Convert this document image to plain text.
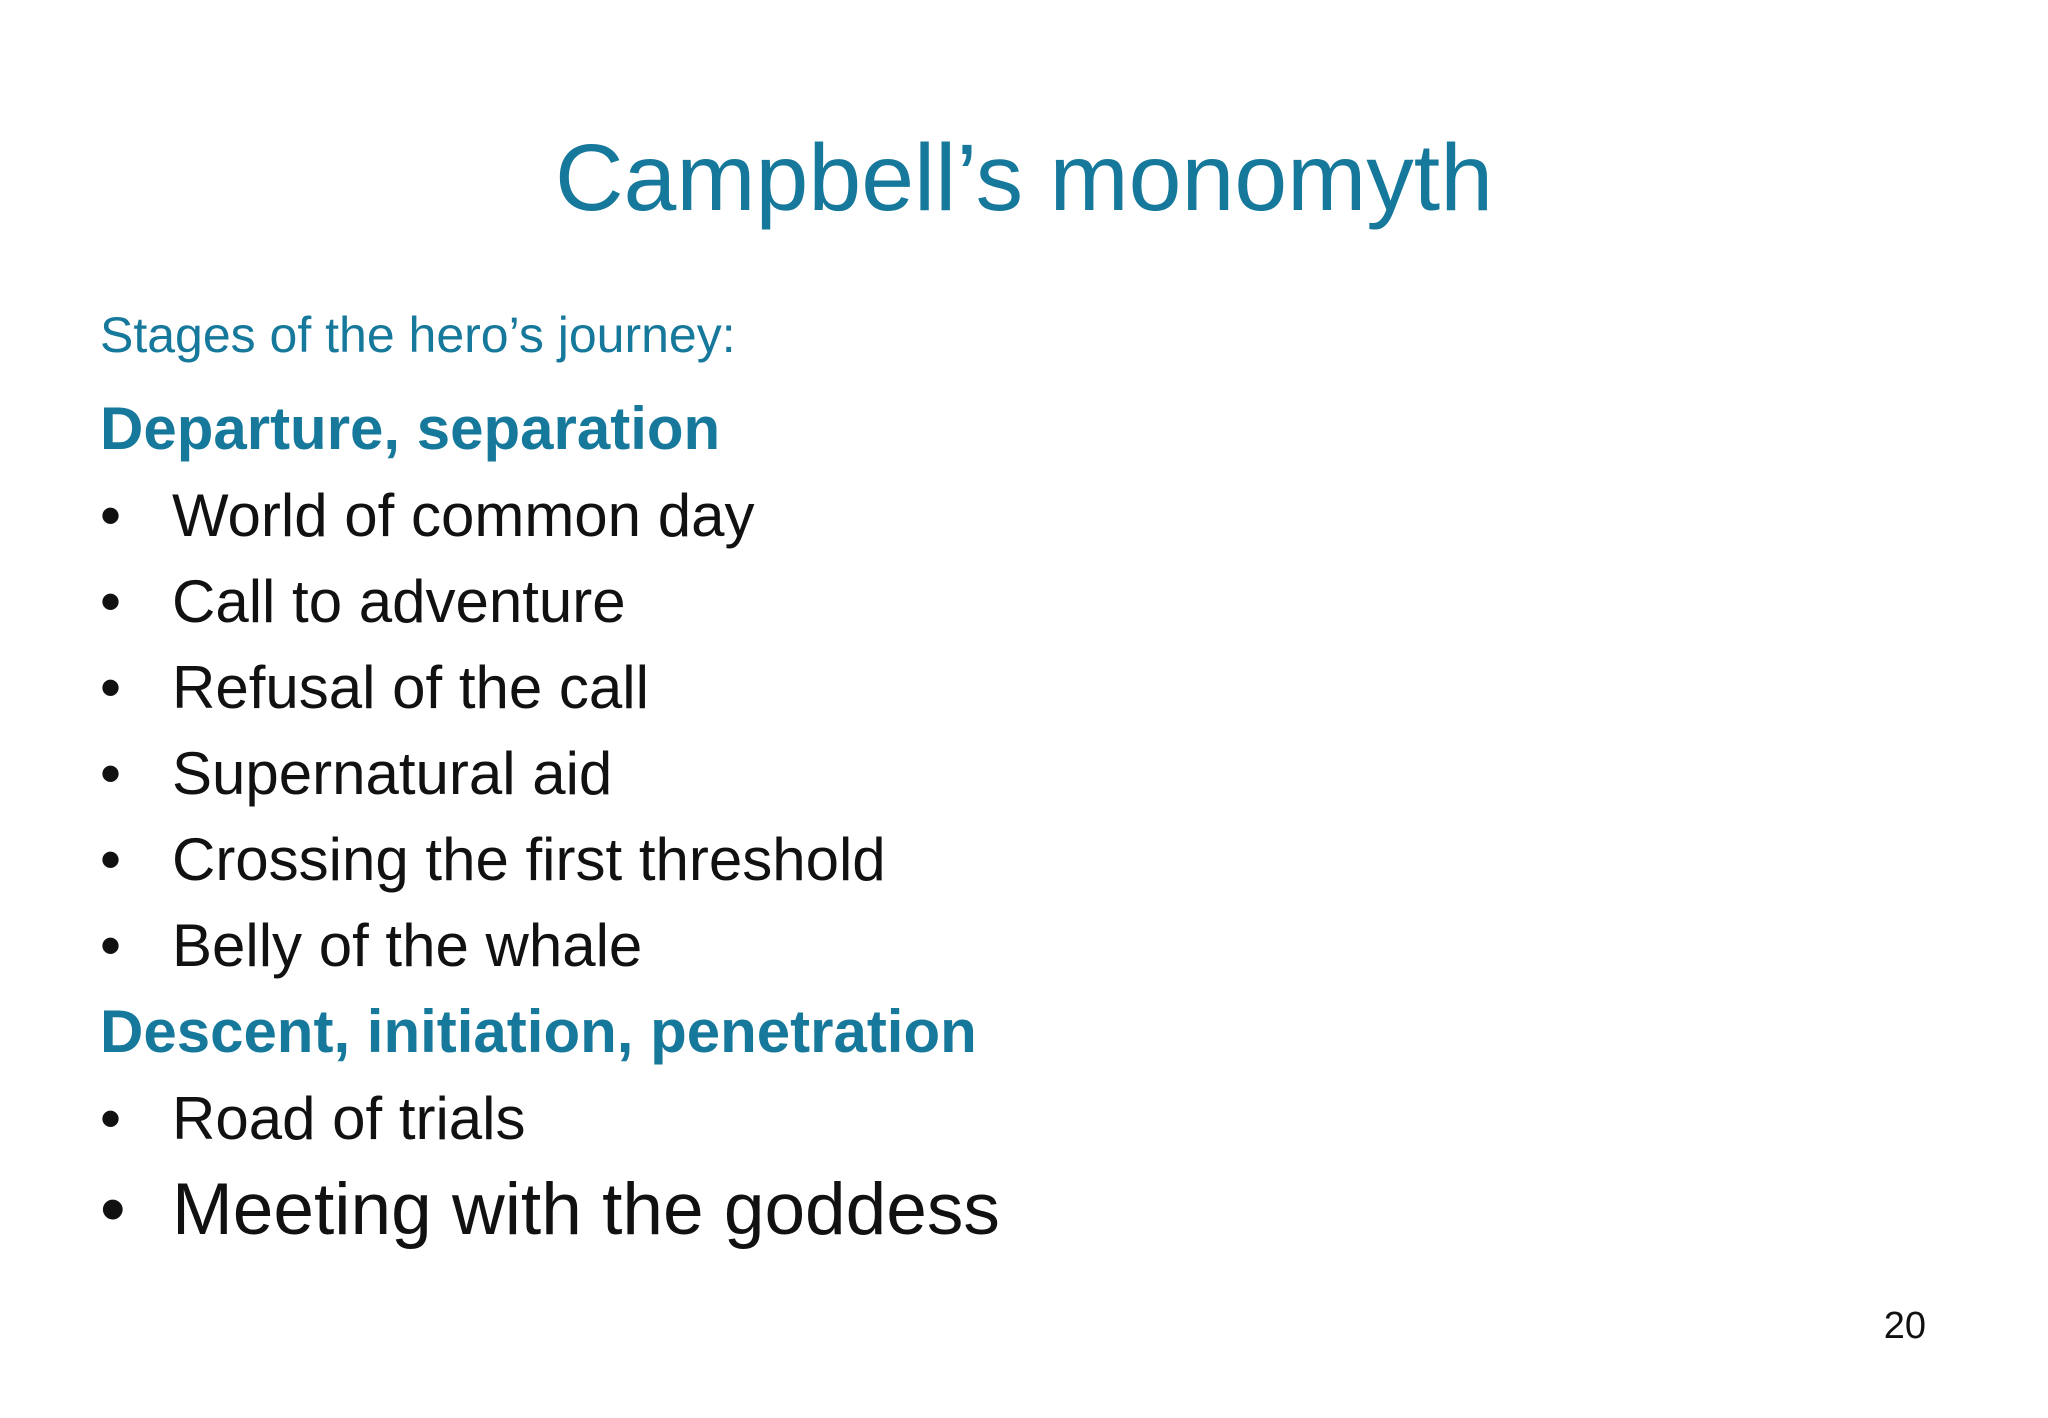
Campbell’s monomyth
Stages of the hero’s journey:
Departure, separation
• World of common day
• Call to adventure
• Refusal of the call
• Supernatural aid
• Crossing the first threshold
• Belly of the whale
Descent, initiation, penetration
• Road of trials
• Meeting with the goddess
20
